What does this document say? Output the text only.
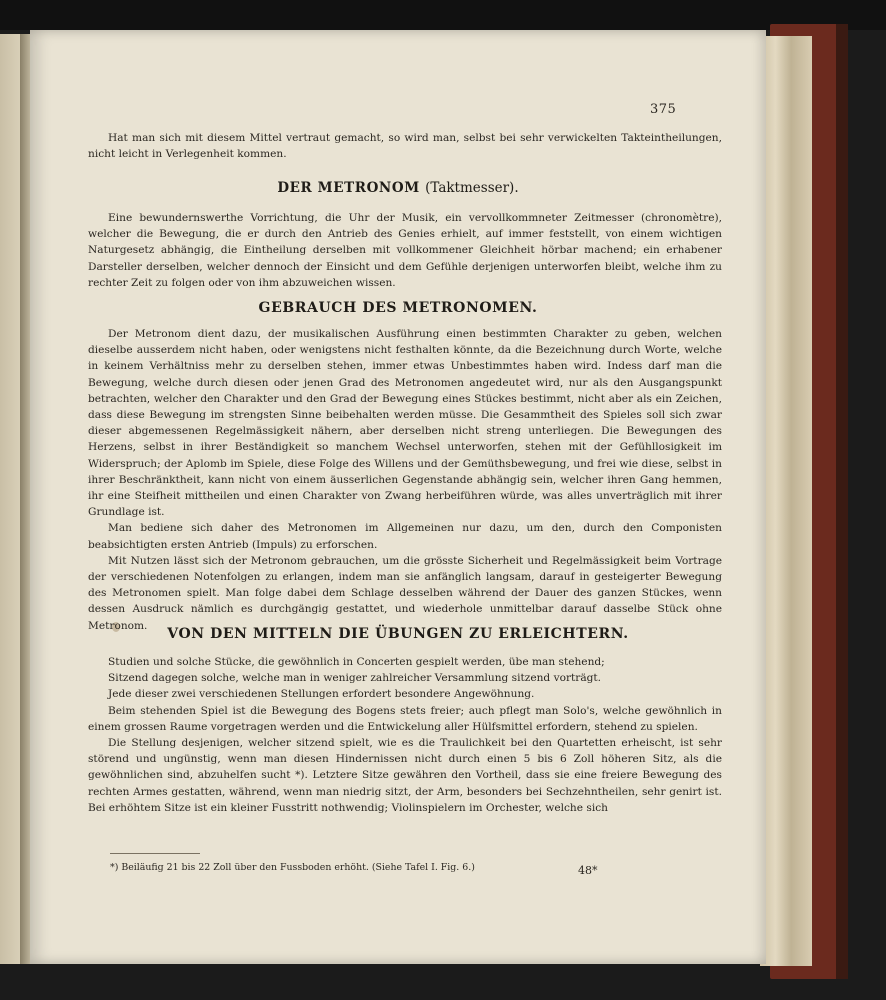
375

Hat man sich mit diesem Mittel vertraut gemacht, so wird man, selbst bei sehr verwickelten Takteintheilungen, nicht leicht in Verlegenheit kommen.

DER METRONOM (Taktmesser).

Eine bewundernswerthe Vorrichtung, die Uhr der Musik, ein vervollkommneter Zeitmesser (chronomètre), welcher die Bewegung, die er durch den Antrieb des Genies erhielt, auf immer feststellt, von einem wichtigen Naturgesetz abhängig, die Eintheilung derselben mit vollkommener Gleichheit hörbar machend; ein erhabener Darsteller derselben, welcher dennoch der Einsicht und dem Gefühle derjenigen unterworfen bleibt, welche ihm zu rechter Zeit zu folgen oder von ihm abzuweichen wissen.

GEBRAUCH DES METRONOMEN.

Der Metronom dient dazu, der musikalischen Ausführung einen bestimmten Charakter zu geben, welchen dieselbe ausserdem nicht haben, oder wenigstens nicht festhalten könnte, da die Bezeichnung durch Worte, welche in keinem Verhältniss mehr zu derselben stehen, immer etwas Unbestimmtes haben wird. Indess darf man die Bewegung, welche durch diesen oder jenen Grad des Metronomen angedeutet wird, nur als den Ausgangspunkt betrachten, welcher den Charakter und den Grad der Bewegung eines Stückes bestimmt, nicht aber als ein Zeichen, dass diese Bewegung im strengsten Sinne beibehalten werden müsse. Die Gesammtheit des Spieles soll sich zwar dieser abgemessenen Regelmässigkeit nähern, aber derselben nicht streng unterliegen. Die Bewegungen des Herzens, selbst in ihrer Beständigkeit so manchem Wechsel unterworfen, stehen mit der Gefühllosigkeit im Widerspruch; der Aplomb im Spiele, diese Folge des Willens und der Gemüthsbewegung, und frei wie diese, selbst in ihrer Beschränktheit, kann nicht von einem äusserlichen Gegenstande abhängig sein, welcher ihren Gang hemmen, ihr eine Steifheit mittheilen und einen Charakter von Zwang herbeiführen würde, was alles unverträglich mit ihrer Grundlage ist.

Man bediene sich daher des Metronomen im Allgemeinen nur dazu, um den, durch den Componisten beabsichtigten ersten Antrieb (Impuls) zu erforschen.

Mit Nutzen lässt sich der Metronom gebrauchen, um die grösste Sicherheit und Regelmässigkeit beim Vortrage der verschiedenen Notenfolgen zu erlangen, indem man sie anfänglich langsam, darauf in gesteigerter Bewegung des Metronomen spielt. Man folge dabei dem Schlage desselben während der Dauer des ganzen Stückes, wenn dessen Ausdruck nämlich es durchgängig gestattet, und wiederhole unmittelbar darauf dasselbe Stück ohne Metronom.

VON DEN MITTELN DIE ÜBUNGEN ZU ERLEICHTERN.

Studien und solche Stücke, die gewöhnlich in Concerten gespielt werden, übe man stehend;

Sitzend dagegen solche, welche man in weniger zahlreicher Versammlung sitzend vorträgt.

Jede dieser zwei verschiedenen Stellungen erfordert besondere Angewöhnung.

Beim stehenden Spiel ist die Bewegung des Bogens stets freier; auch pflegt man Solo's, welche gewöhnlich in einem grossen Raume vorgetragen werden und die Entwickelung aller Hülfsmittel erfordern, stehend zu spielen.

Die Stellung desjenigen, welcher sitzend spielt, wie es die Traulichkeit bei den Quartetten erheischt, ist sehr störend und ungünstig, wenn man diesen Hindernissen nicht durch einen 5 bis 6 Zoll höheren Sitz, als die gewöhnlichen sind, abzuhelfen sucht *). Letztere Sitze gewähren den Vortheil, dass sie eine freiere Bewegung des rechten Armes gestatten, während, wenn man niedrig sitzt, der Arm, besonders bei Sechzehntheilen, sehr genirt ist. Bei erhöhtem Sitze ist ein kleiner Fusstritt nothwendig; Violinspielern im Orchester, welche sich

*) Beiläufig 21 bis 22 Zoll über den Fussboden erhöht. (Siehe Tafel I. Fig. 6.)	48*
